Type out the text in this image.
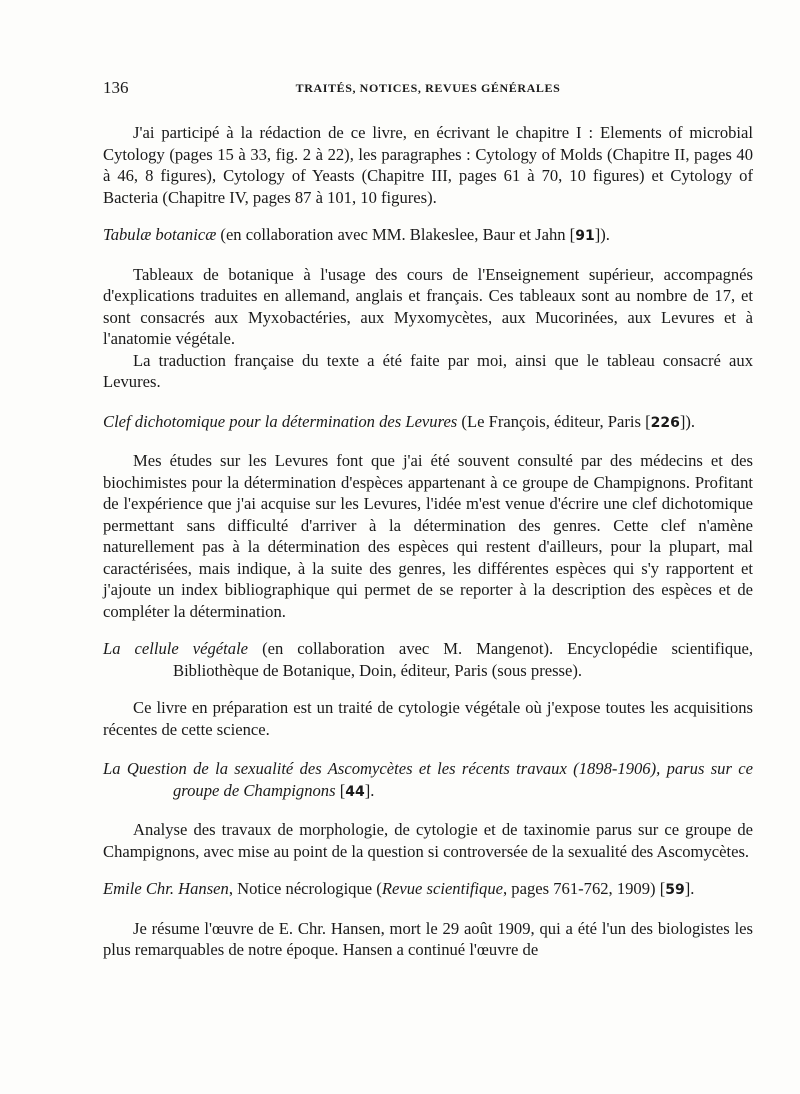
136	TRAITÉS, NOTICES, REVUES GÉNÉRALES

J'ai participé à la rédaction de ce livre, en écrivant le chapitre I : Elements of microbial Cytology (pages 15 à 33, fig. 2 à 22), les paragraphes : Cytology of Molds (Chapitre II, pages 40 à 46, 8 figures), Cytology of Yeasts (Chapitre III, pages 61 à 70, 10 figures) et Cytology of Bacteria (Chapitre IV, pages 87 à 101, 10 figures).

Tabulæ botanicæ (en collaboration avec MM. Blakeslee, Baur et Jahn [91]).

Tableaux de botanique à l'usage des cours de l'Enseignement supérieur, accompagnés d'explications traduites en allemand, anglais et français. Ces tableaux sont au nombre de 17, et sont consacrés aux Myxobactéries, aux Myxomycètes, aux Mucorinées, aux Levures et à l'anatomie végétale.

La traduction française du texte a été faite par moi, ainsi que le tableau consacré aux Levures.

Clef dichotomique pour la détermination des Levures (Le François, éditeur, Paris [226]).

Mes études sur les Levures font que j'ai été souvent consulté par des médecins et des biochimistes pour la détermination d'espèces appartenant à ce groupe de Champignons. Profitant de l'expérience que j'ai acquise sur les Levures, l'idée m'est venue d'écrire une clef dichotomique permettant sans difficulté d'arriver à la détermination des genres. Cette clef n'amène naturellement pas à la détermination des espèces qui restent d'ailleurs, pour la plupart, mal caractérisées, mais indique, à la suite des genres, les différentes espèces qui s'y rapportent et j'ajoute un index bibliographique qui permet de se reporter à la description des espèces et de compléter la détermination.

La cellule végétale (en collaboration avec M. Mangenot). Encyclopédie scientifique, Bibliothèque de Botanique, Doin, éditeur, Paris (sous presse).

Ce livre en préparation est un traité de cytologie végétale où j'expose toutes les acquisitions récentes de cette science.

La Question de la sexualité des Ascomycètes et les récents travaux (1898-1906), parus sur ce groupe de Champignons [44].

Analyse des travaux de morphologie, de cytologie et de taxinomie parus sur ce groupe de Champignons, avec mise au point de la question si controversée de la sexualité des Ascomycètes.

Emile Chr. Hansen, Notice nécrologique (Revue scientifique, pages 761-762, 1909) [59].

Je résume l'œuvre de E. Chr. Hansen, mort le 29 août 1909, qui a été l'un des biologistes les plus remarquables de notre époque. Hansen a continué l'œuvre de
